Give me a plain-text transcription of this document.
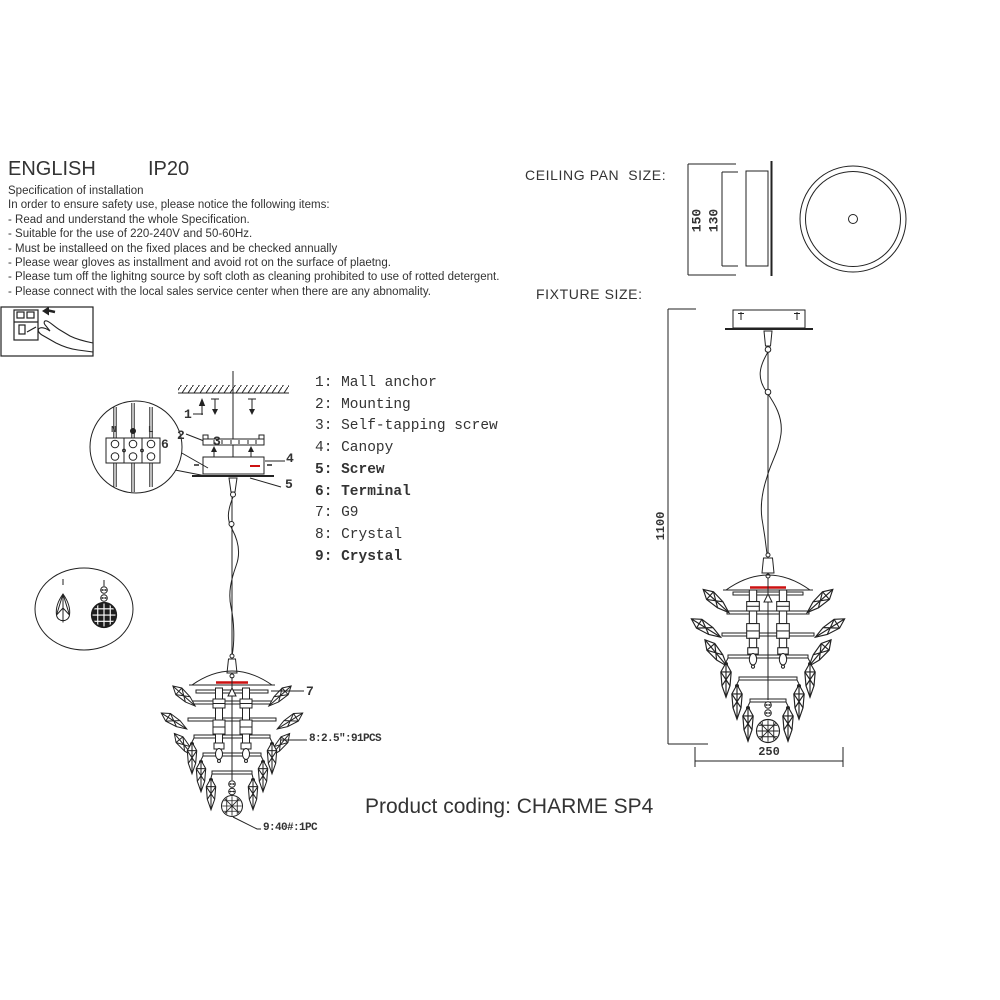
ENGLISH	IP20
Specification of installation
In order to ensure safety use, please notice the following items:
- Read and understand the whole Specification.
- Suitable for the use of 220-240V and 50-60Hz.
- Must be installeed on the fixed places and be checked annually
- Please wear gloves as installment and avoid rot on the surface of plaetng.
- Please tum off the lighitng source by soft cloth as cleaning prohibited to use of rotted detergent.
- Please connect with the local sales service center when there are any abnomality.
1: Mall anchor
2: Mounting
3: Self-tapping screw
4: Canopy
5: Screw
6: Terminal
7: G9
8: Crystal
9: Crystal
CEILING PAN  SIZE:
FIXTURE SIZE:
150 130
1100
250
1
2 3
4
5
6
7
8:2.5″:91PCS
9:40#:1PC
N	L
Product coding: CHARME SP4
